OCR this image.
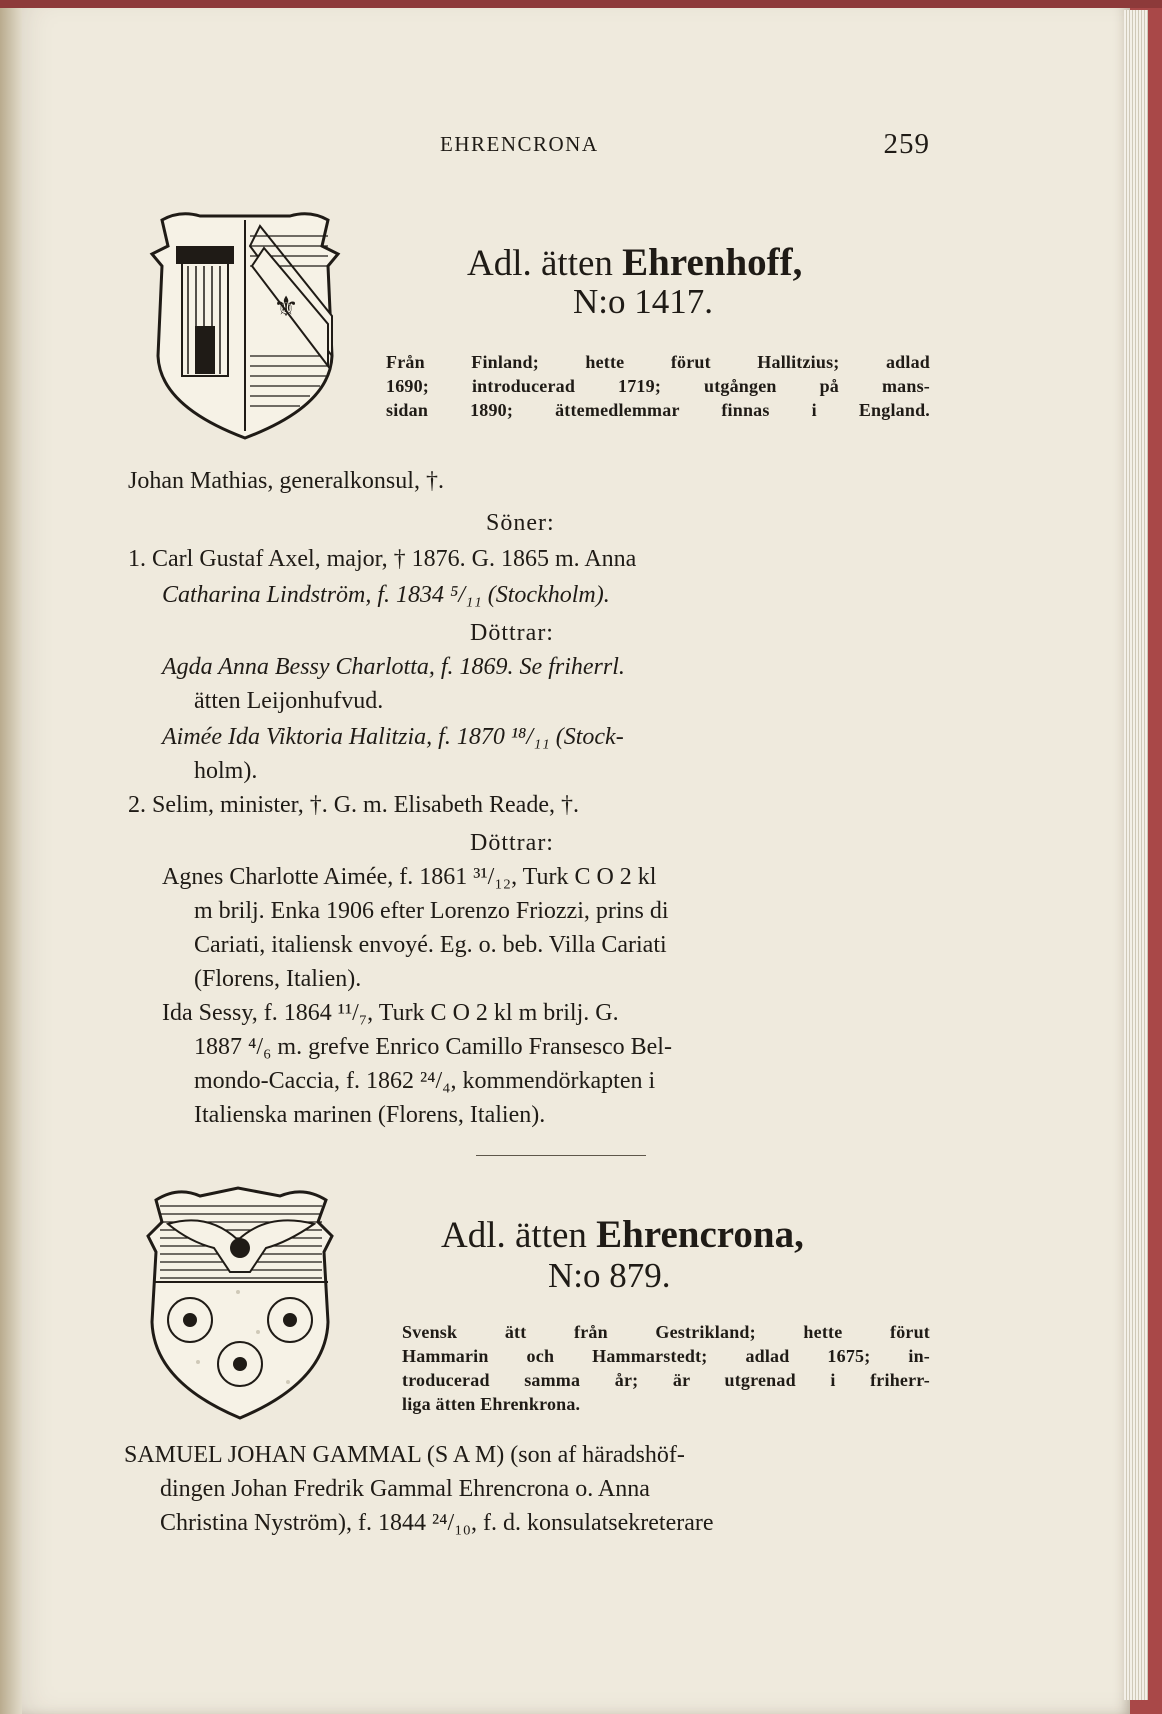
EHRENCRONA	259
⚜
Adl. ätten Ehrenhoff,
N:o 1417.
Från Finland; hette förut Hallitzius; adlad
1690; introducerad 1719; utgången på mans-
sidan 1890; ättemedlemmar finnas i England.
Johan Mathias, generalkonsul, †.
Söner:
1. Carl Gustaf Axel, major, † 1876. G. 1865 m. Anna
Catharina Lindström, f. 1834 ⁵/₁₁ (Stockholm).
Döttrar:
Agda Anna Bessy Charlotta, f. 1869. Se friherrl.
ätten Leijonhufvud.
Aimée Ida Viktoria Halitzia, f. 1870 ¹⁸/₁₁ (Stock-
holm).
2. Selim, minister, †. G. m. Elisabeth Reade, †.
Döttrar:
Agnes Charlotte Aimée, f. 1861 ³¹/₁₂, Turk C O 2 kl
m brilj. Enka 1906 efter Lorenzo Friozzi, prins di
Cariati, italiensk envoyé. Eg. o. beb. Villa Cariati
(Florens, Italien).
Ida Sessy, f. 1864 ¹¹/₇, Turk C O 2 kl m brilj. G.
1887 ⁴/₆ m. grefve Enrico Camillo Fransesco Bel-
mondo-Caccia, f. 1862 ²⁴/₄, kommendörkapten i
Italienska marinen (Florens, Italien).
Adl. ätten Ehrencrona,
N:o 879.
Svensk ätt från Gestrikland; hette förut
Hammarin och Hammarstedt; adlad 1675; in-
troducerad samma år; är utgrenad i friherr-
liga ätten Ehrenkrona.
SAMUEL JOHAN GAMMAL (S A M) (son af häradshöf-
dingen Johan Fredrik Gammal Ehrencrona o. Anna
Christina Nyström), f. 1844 ²⁴/₁₀, f. d. konsulatsekreterare
